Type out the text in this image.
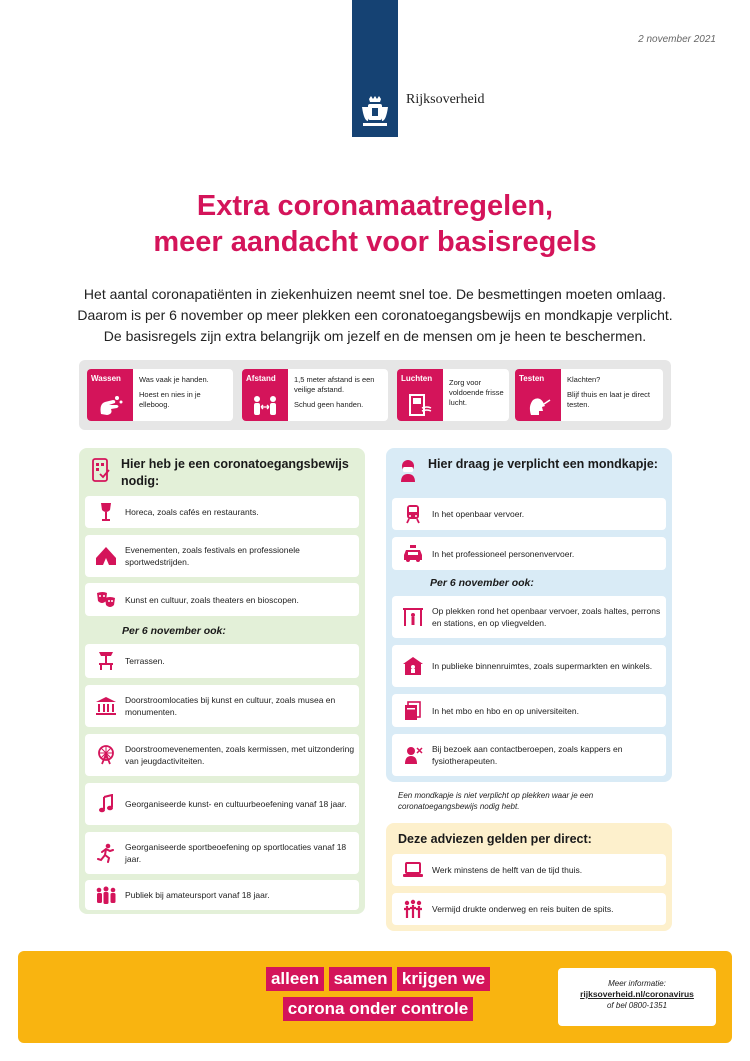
Rijksoverheid
2 november 2021
Extra coronamaatregelen,
meer aandacht voor basisregels
Het aantal coronapatiënten in ziekenhuizen neemt snel toe. De besmettingen moeten omlaag.
Daarom is per 6 november op meer plekken een coronatoegangsbewijs en mondkapje verplicht.
De basisregels zijn extra belangrijk om jezelf en de mensen om je heen te beschermen.
Wassen	Was vaak je handen.

Hoest en nies in je elleboog.

Afstand	1,5 meter afstand is een veilige afstand.

Schud geen handen.

Luchten	Zorg voor voldoende frisse lucht.

Testen	Klachten?

Blijf thuis en laat je direct testen.

Hier heb je een coronatoegangsbewijs nodig:
Horeca, zoals cafés en restaurants.
Evenementen, zoals festivals en professionele sportwedstrijden.
Kunst en cultuur, zoals theaters en bioscopen.
Per 6 november ook:
Terrassen.
Doorstroomlocaties bij kunst en cultuur, zoals musea en monumenten.
Doorstroomevenementen, zoals kermissen, met uitzondering van jeugdactiviteiten.
Georganiseerde kunst- en cultuurbeoefening vanaf 18 jaar.
Georganiseerde sportbeoefening op sportlocaties vanaf 18 jaar.
Publiek bij amateursport vanaf 18 jaar.
Hier draag je verplicht een mondkapje:
In het openbaar vervoer.
In het professioneel personenvervoer.
Per 6 november ook:
Op plekken rond het openbaar vervoer, zoals haltes, perrons en stations, en op vliegvelden.
In publieke binnenruimtes, zoals supermarkten en winkels.
In het mbo en hbo en op universiteiten.
Bij bezoek aan contactberoepen, zoals kappers en fysiotherapeuten.
Een mondkapje is niet verplicht op plekken waar je een coronatoegangsbewijs nodig hebt.
Deze adviezen gelden per direct:
Werk minstens de helft van de tijd thuis.
Vermijd drukte onderweg en reis buiten de spits.
alleen samen krijgen we
corona onder controle
Meer informatie:
rijksoverheid.nl/coronavirus
of bel 0800-1351
